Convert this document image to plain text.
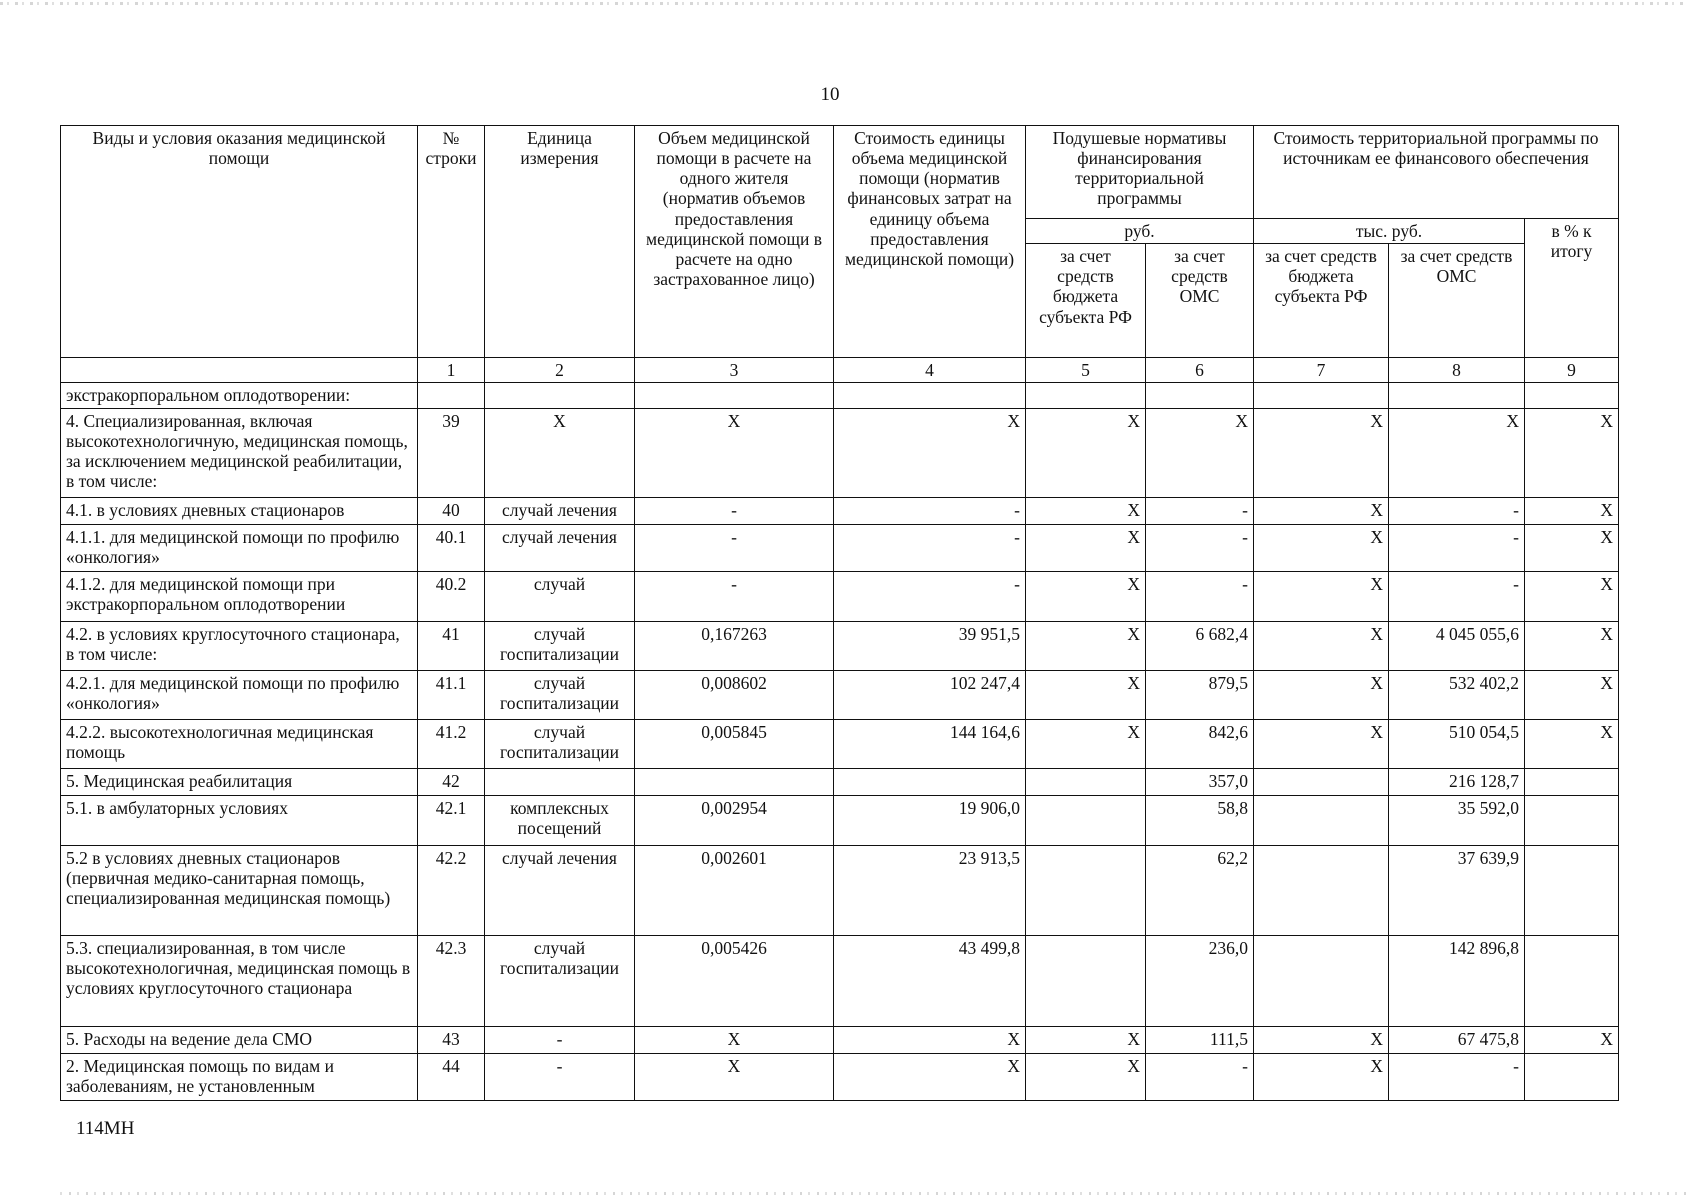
10
Виды и условия оказания медицинской помощи	№ строки	Единица измерения	Объем медицинской помощи в расчете на одного жителя (норматив объемов предоставления медицинской помощи в расчете на одно застрахованное лицо)	Стоимость единицы объема медицинской помощи (норматив финансовых затрат на единицу объема предоставления медицинской помощи)	Подушевые нормативы финансирования территориальной программы		Стоимость территориальной программы по источникам ее финансового обеспечения		
					руб.		тыс. руб.		в % к итогу
					за счет средств бюджета субъекта РФ	за счет средств ОМС	за счет средств бюджета субъекта РФ	за счет средств ОМС	
	1	2	3	4	5	6	7	8	9
экстракорпоральном оплодотворении:									
4. Специализированная, включая высокотехнологичную, медицинская помощь, за исключением медицинской реабилитации, в том числе:	39	X	X	X	X	X	X	X	X
4.1. в условиях дневных стационаров	40	случай лечения	-	-	X	-	X	-	X
4.1.1. для медицинской помощи по профилю «онкология»	40.1	случай лечения	-	-	X	-	X	-	X
4.1.2. для медицинской помощи при экстракорпоральном оплодотворении	40.2	случай	-	-	X	-	X	-	X
4.2. в условиях круглосуточного стационара, в том числе:	41	случай госпитализации	0,167263	39 951,5	X	6 682,4	X	4 045 055,6	X
4.2.1. для медицинской помощи по профилю «онкология»	41.1	случай госпитализации	0,008602	102 247,4	X	879,5	X	532 402,2	X
4.2.2. высокотехнологичная медицинская помощь	41.2	случай госпитализации	0,005845	144 164,6	X	842,6	X	510 054,5	X
5. Медицинская реабилитация	42					357,0		216 128,7	
5.1. в амбулаторных условиях	42.1	комплексных посещений	0,002954	19 906,0		58,8		35 592,0	
5.2 в условиях дневных стационаров (первичная медико-санитарная помощь, специализированная медицинская помощь)	42.2	случай лечения	0,002601	23 913,5		62,2		37 639,9	
5.3. специализированная, в том числе высокотехнологичная, медицинская помощь в условиях круглосуточного стационара	42.3	случай госпитализации	0,005426	43 499,8		236,0		142 896,8	
5. Расходы на ведение дела СМО	43	-	X	X	X	111,5	X	67 475,8	X
2. Медицинская помощь по видам и заболеваниям, не установленным	44	-	X	X	X	-	X	-	
114МН
